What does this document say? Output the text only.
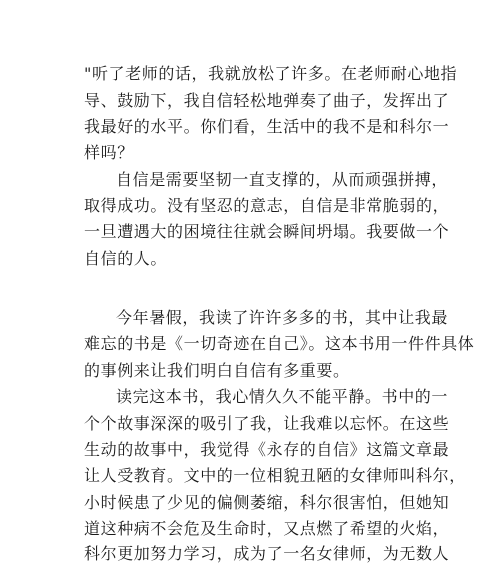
"听了老师的话，我就放松了许多。在老师耐心地指
导、鼓励下，我自信轻松地弹奏了曲子，发挥出了
我最好的水平。你们看，生活中的我不是和科尔一
样吗？
自信是需要坚韧一直支撑的，从而顽强拼搏，
取得成功。没有坚忍的意志，自信是非常脆弱的，
一旦遭遇大的困境往往就会瞬间坍塌。我要做一个
自信的人。
今年暑假，我读了许许多多的书，其中让我最
难忘的书是《一切奇迹在自己》。这本书用一件件具体
的事例来让我们明白自信有多重要。
读完这本书，我心情久久不能平静。书中的一
个个故事深深的吸引了我，让我难以忘怀。在这些
生动的故事中，我觉得《永存的自信》这篇文章最
让人受教育。文中的一位相貌丑陋的女律师叫科尔，
小时候患了少见的偏侧萎缩，科尔很害怕，但她知
道这种病不会危及生命时，又点燃了希望的火焰，
科尔更加努力学习，成为了一名女律师，为无数人
